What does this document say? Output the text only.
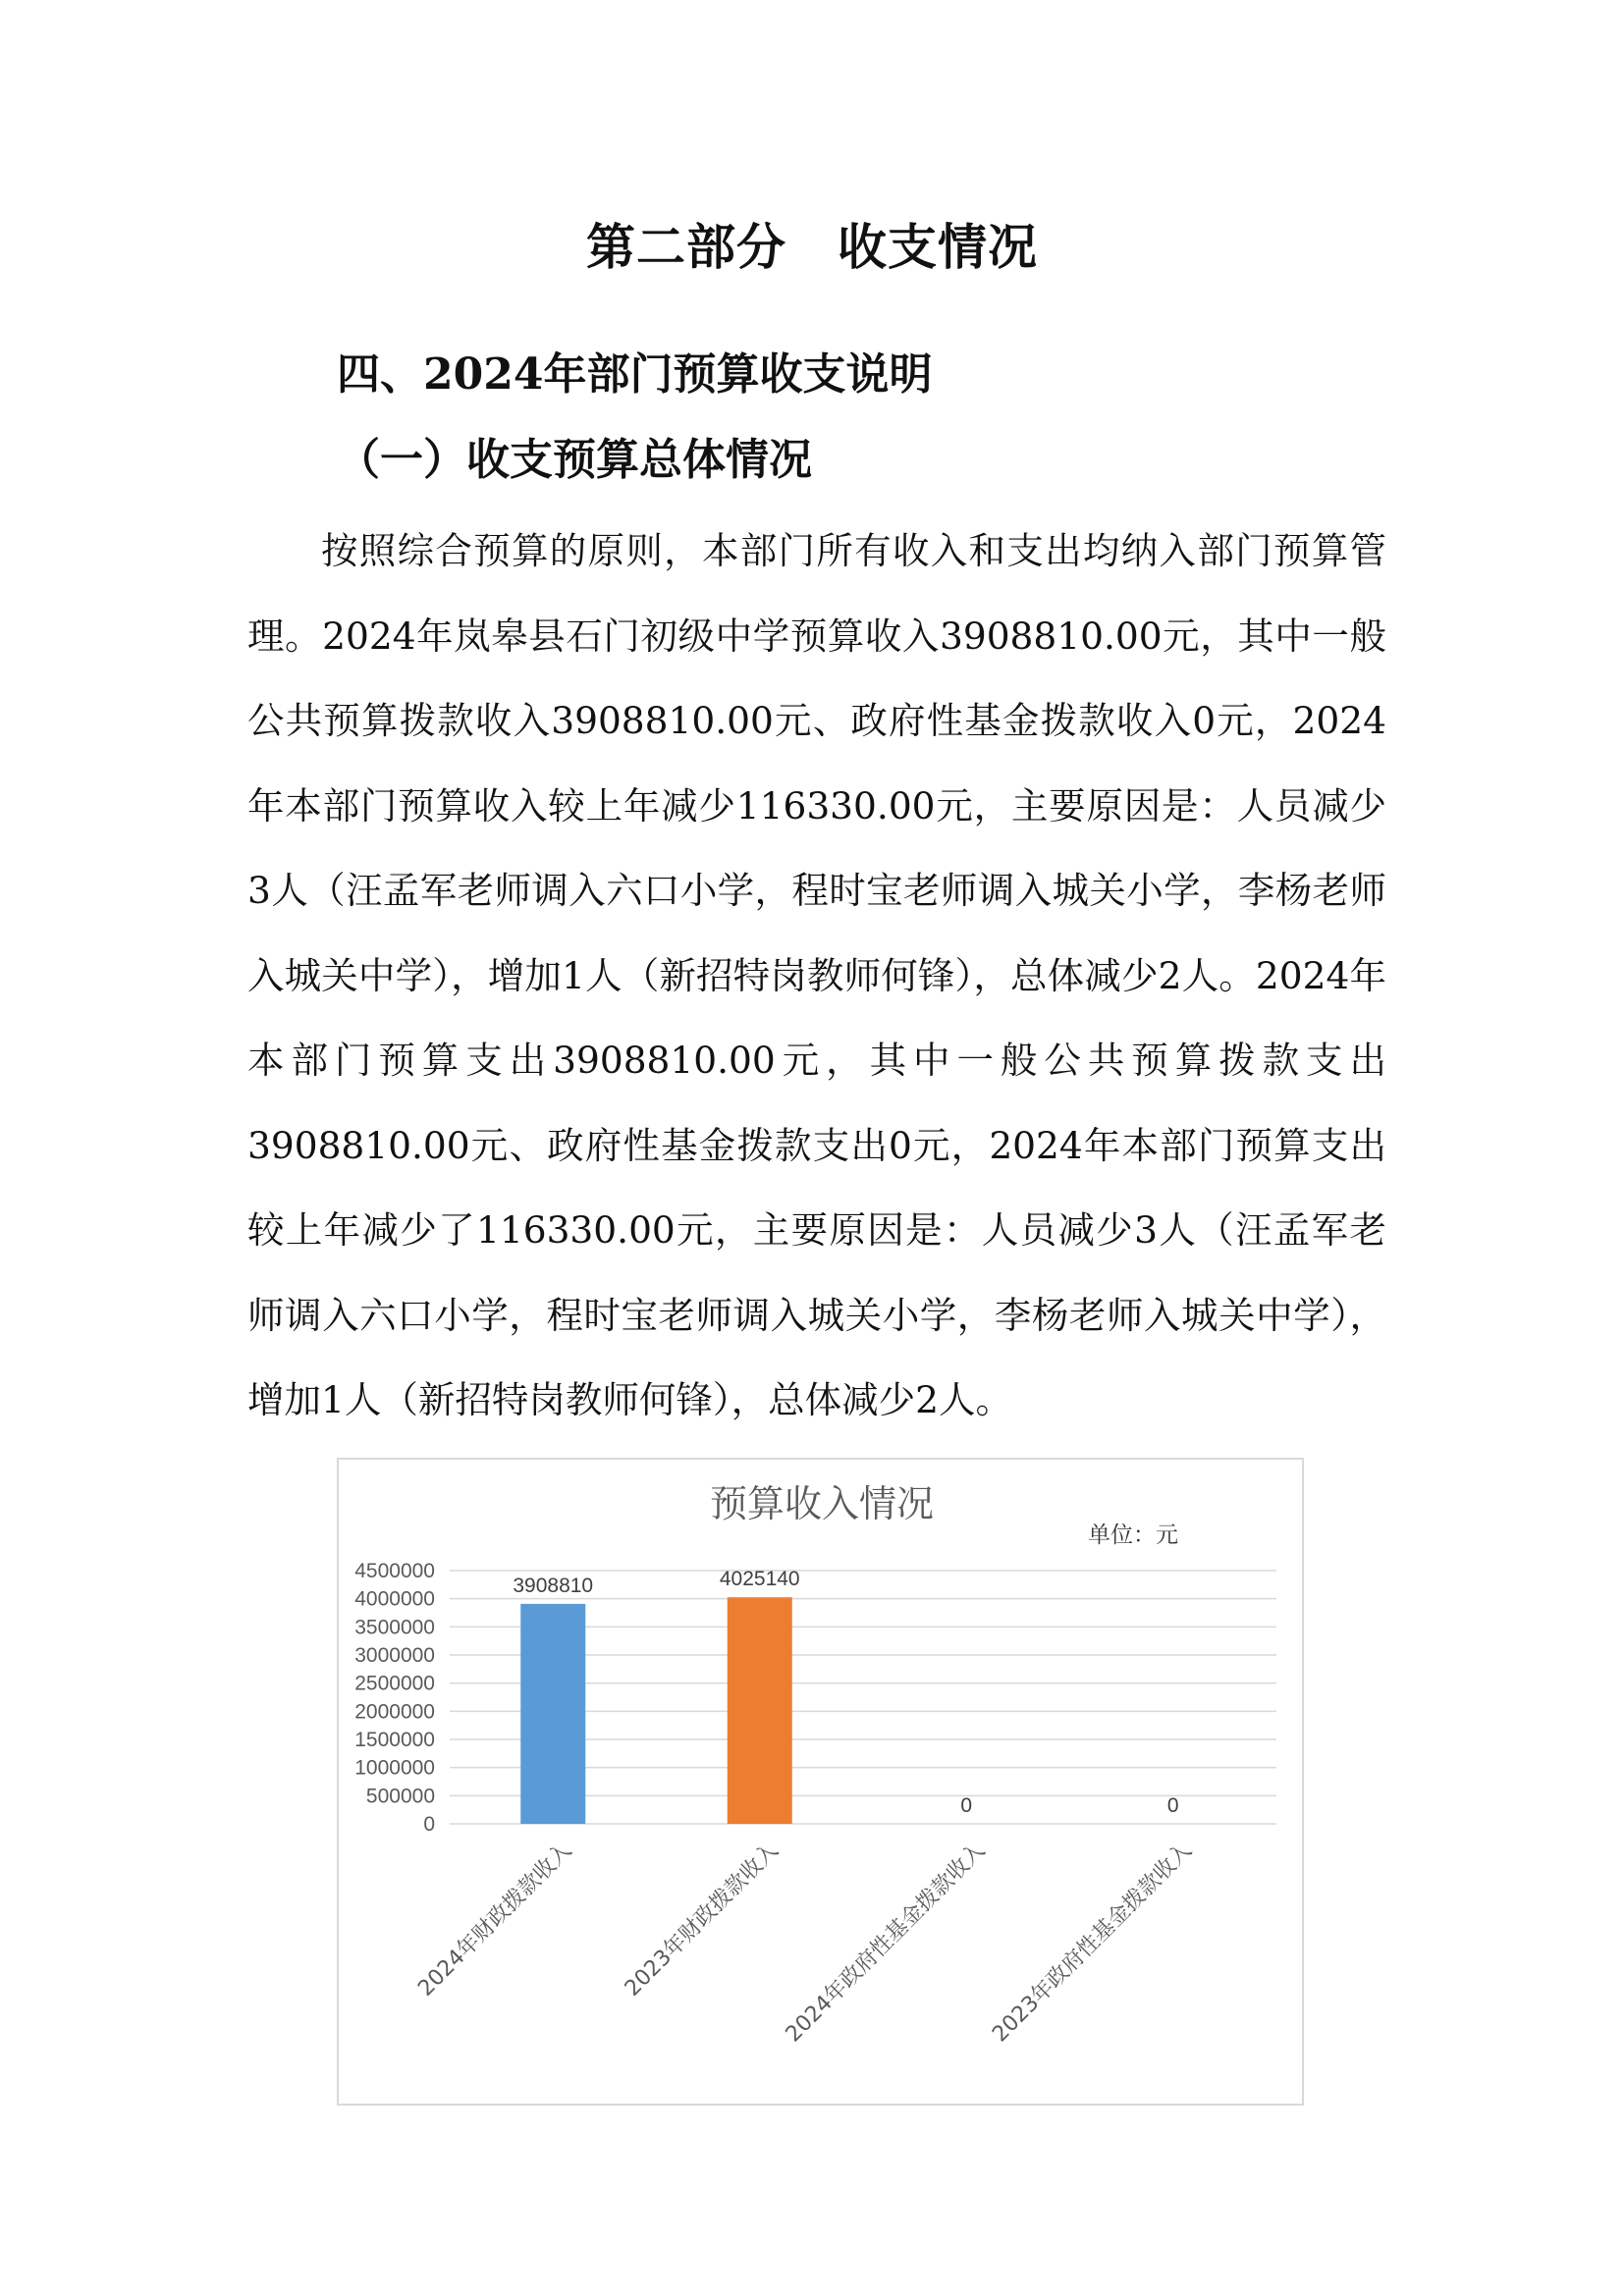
第二部分 收支情况
四、2024年部门预算收支说明
（一）收支预算总体情况

按照综合预算的原则，本部门所有收入和支出均纳入部门预算管理。2024年岚皋县石门初级中学预算收入3908810.00元，其中一般公共预算拨款收入3908810.00元、政府性基金拨款收入0元，2024年本部门预算收入较上年减少116330.00元，主要原因是：人员减少3人（汪孟军老师调入六口小学，程时宝老师调入城关小学，李杨老师入城关中学），增加1人（新招特岗教师何锋），总体减少2人。2024年本部门预算支出3908810.00元，其中一般公共预算拨款支出3908810.00元、政府性基金拨款支出0元，2024年本部门预算支出较上年减少了116330.00元，主要原因是：人员减少3人（汪孟军老师调入六口小学，程时宝老师调入城关小学，李杨老师入城关中学），增加1人（新招特岗教师何锋），总体减少2人。

预算收入情况
单位：元
0
500000
1000000
1500000
2000000
2500000
3000000
3500000
4000000
4500000
3908810	4025140
0	0
2024年财政拨款收入 2023年财政拨款收入
2024年政府性基金拨款收入
2023年政府性基金拨款收入
